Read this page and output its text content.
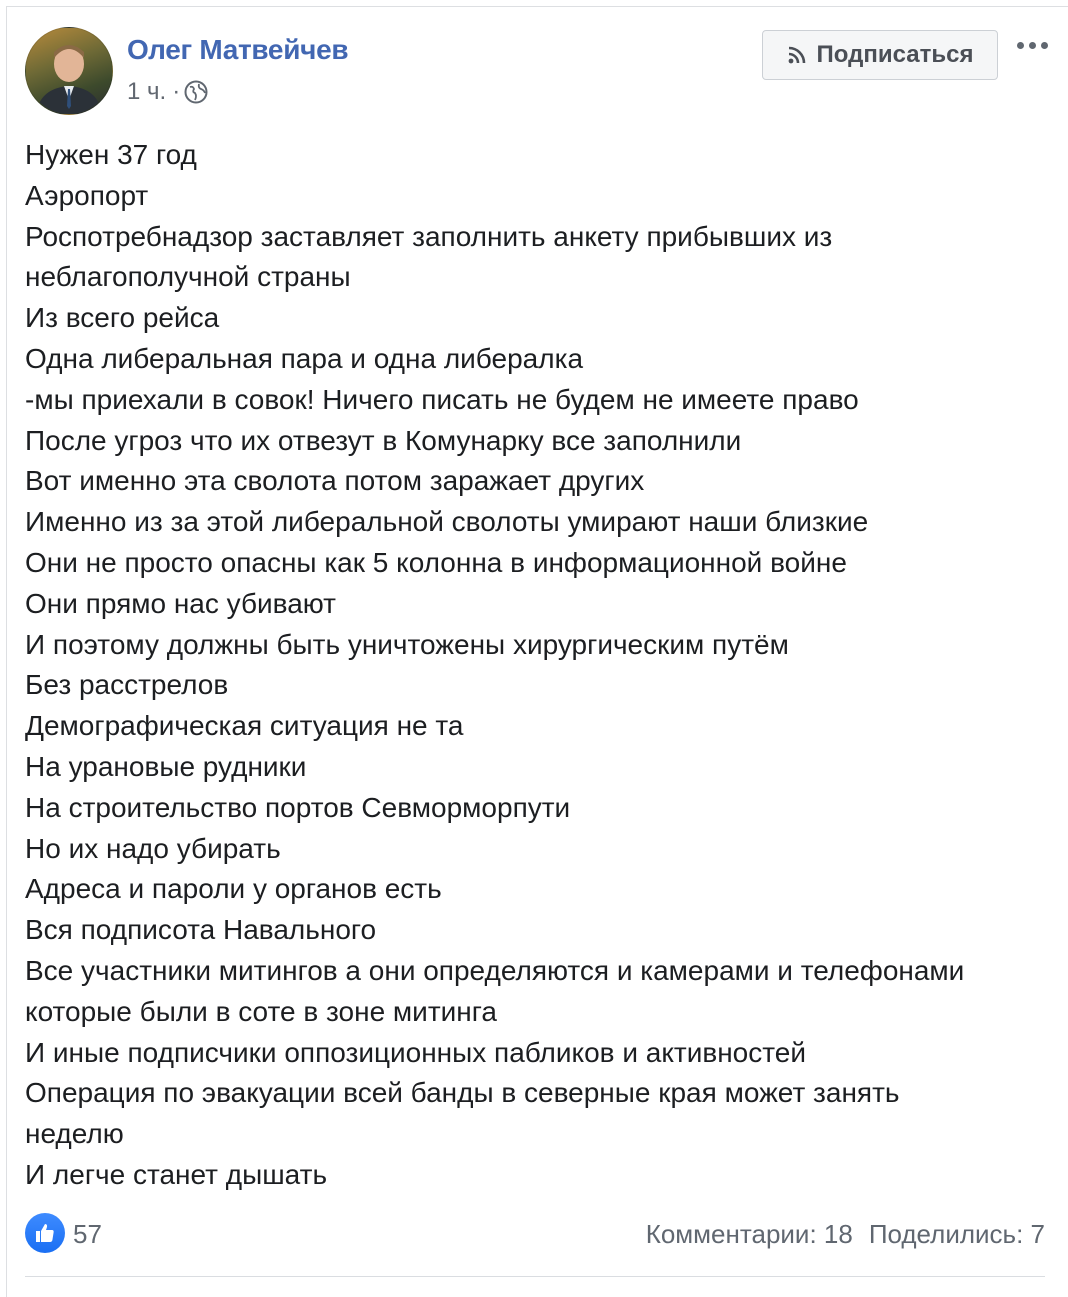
Олег Матвейчев
1 ч. ·
Подписаться
Нужен 37 год
Аэропорт
Роспотребнадзор заставляет заполнить анкету прибывших из
неблагополучной страны
Из всего рейса
Одна либеральная пара и одна либералка
-мы приехали в совок! Ничего писать не будем не имеете право
После угроз что их отвезут в Комунарку все заполнили
Вот именно эта сволота потом заражает других
Именно из за этой либеральной сволоты умирают наши близкие
Они не просто опасны как 5 колонна в информационной войне
Они прямо нас убивают
И поэтому должны быть уничтожены хирургическим путём
Без расстрелов
Демографическая ситуация не та
На урановые рудники
На строительство портов Севморморпути
Но их надо убирать
Адреса и пароли у органов есть
Вся подписота Навального
Все участники митингов а они определяются и камерами и телефонами
которые были в соте в зоне митинга
И иные подписчики оппозиционных пабликов и активностей
Операция по эвакуации всей банды в северные края может занять
неделю
И легче станет дышать
57	Комментарии: 18 Поделились: 7
